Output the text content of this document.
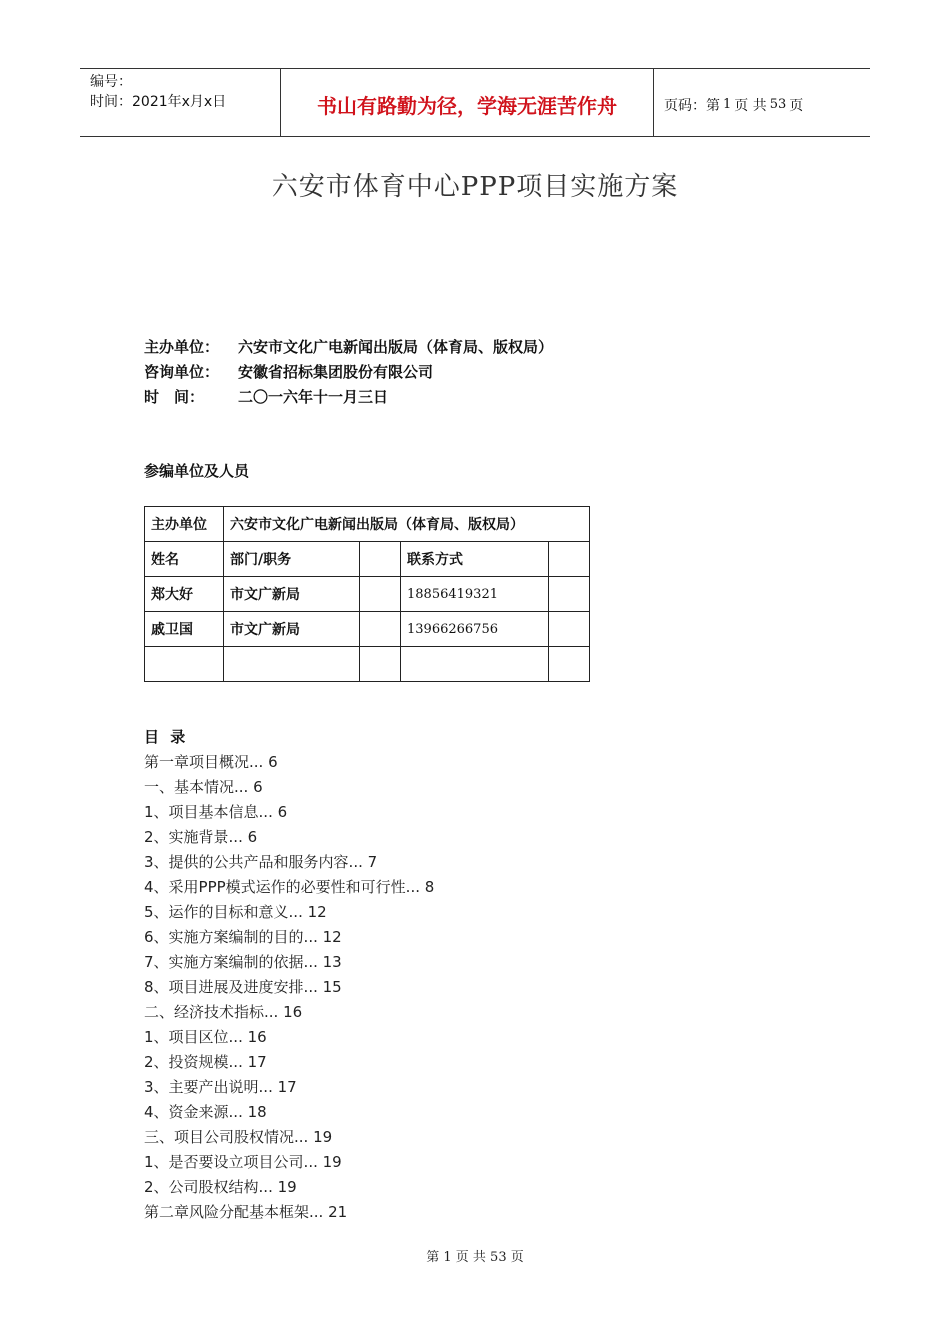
编号：
时间：2021年x月x日	书山有路勤为径，学海无涯苦作舟	页码：第 1 页 共 53 页
六安市体育中心PPP项目实施方案
主办单位：	六安市文化广电新闻出版局（体育局、版权局）
咨询单位：	安徽省招标集团股份有限公司
时　间：	二〇一六年十一月三日
参编单位及人员
主办单位	六安市文化广电新闻出版局（体育局、版权局）			
姓名	部门/职务		联系方式	
郑大好	市文广新局		18856419321	
戚卫国	市文广新局		13966266756	

目 录
第一章项目概况... 6
一、基本情况... 6
1、项目基本信息... 6
2、实施背景... 6
3、提供的公共产品和服务内容... 7
4、采用PPP模式运作的必要性和可行性... 8
5、运作的目标和意义... 12
6、实施方案编制的目的... 12
7、实施方案编制的依据... 13
8、项目进展及进度安排... 15
二、经济技术指标... 16
1、项目区位... 16
2、投资规模... 17
3、主要产出说明... 17
4、资金来源... 18
三、项目公司股权情况... 19
1、是否要设立项目公司... 19
2、公司股权结构... 19
第二章风险分配基本框架... 21
第 1 页 共 53 页
